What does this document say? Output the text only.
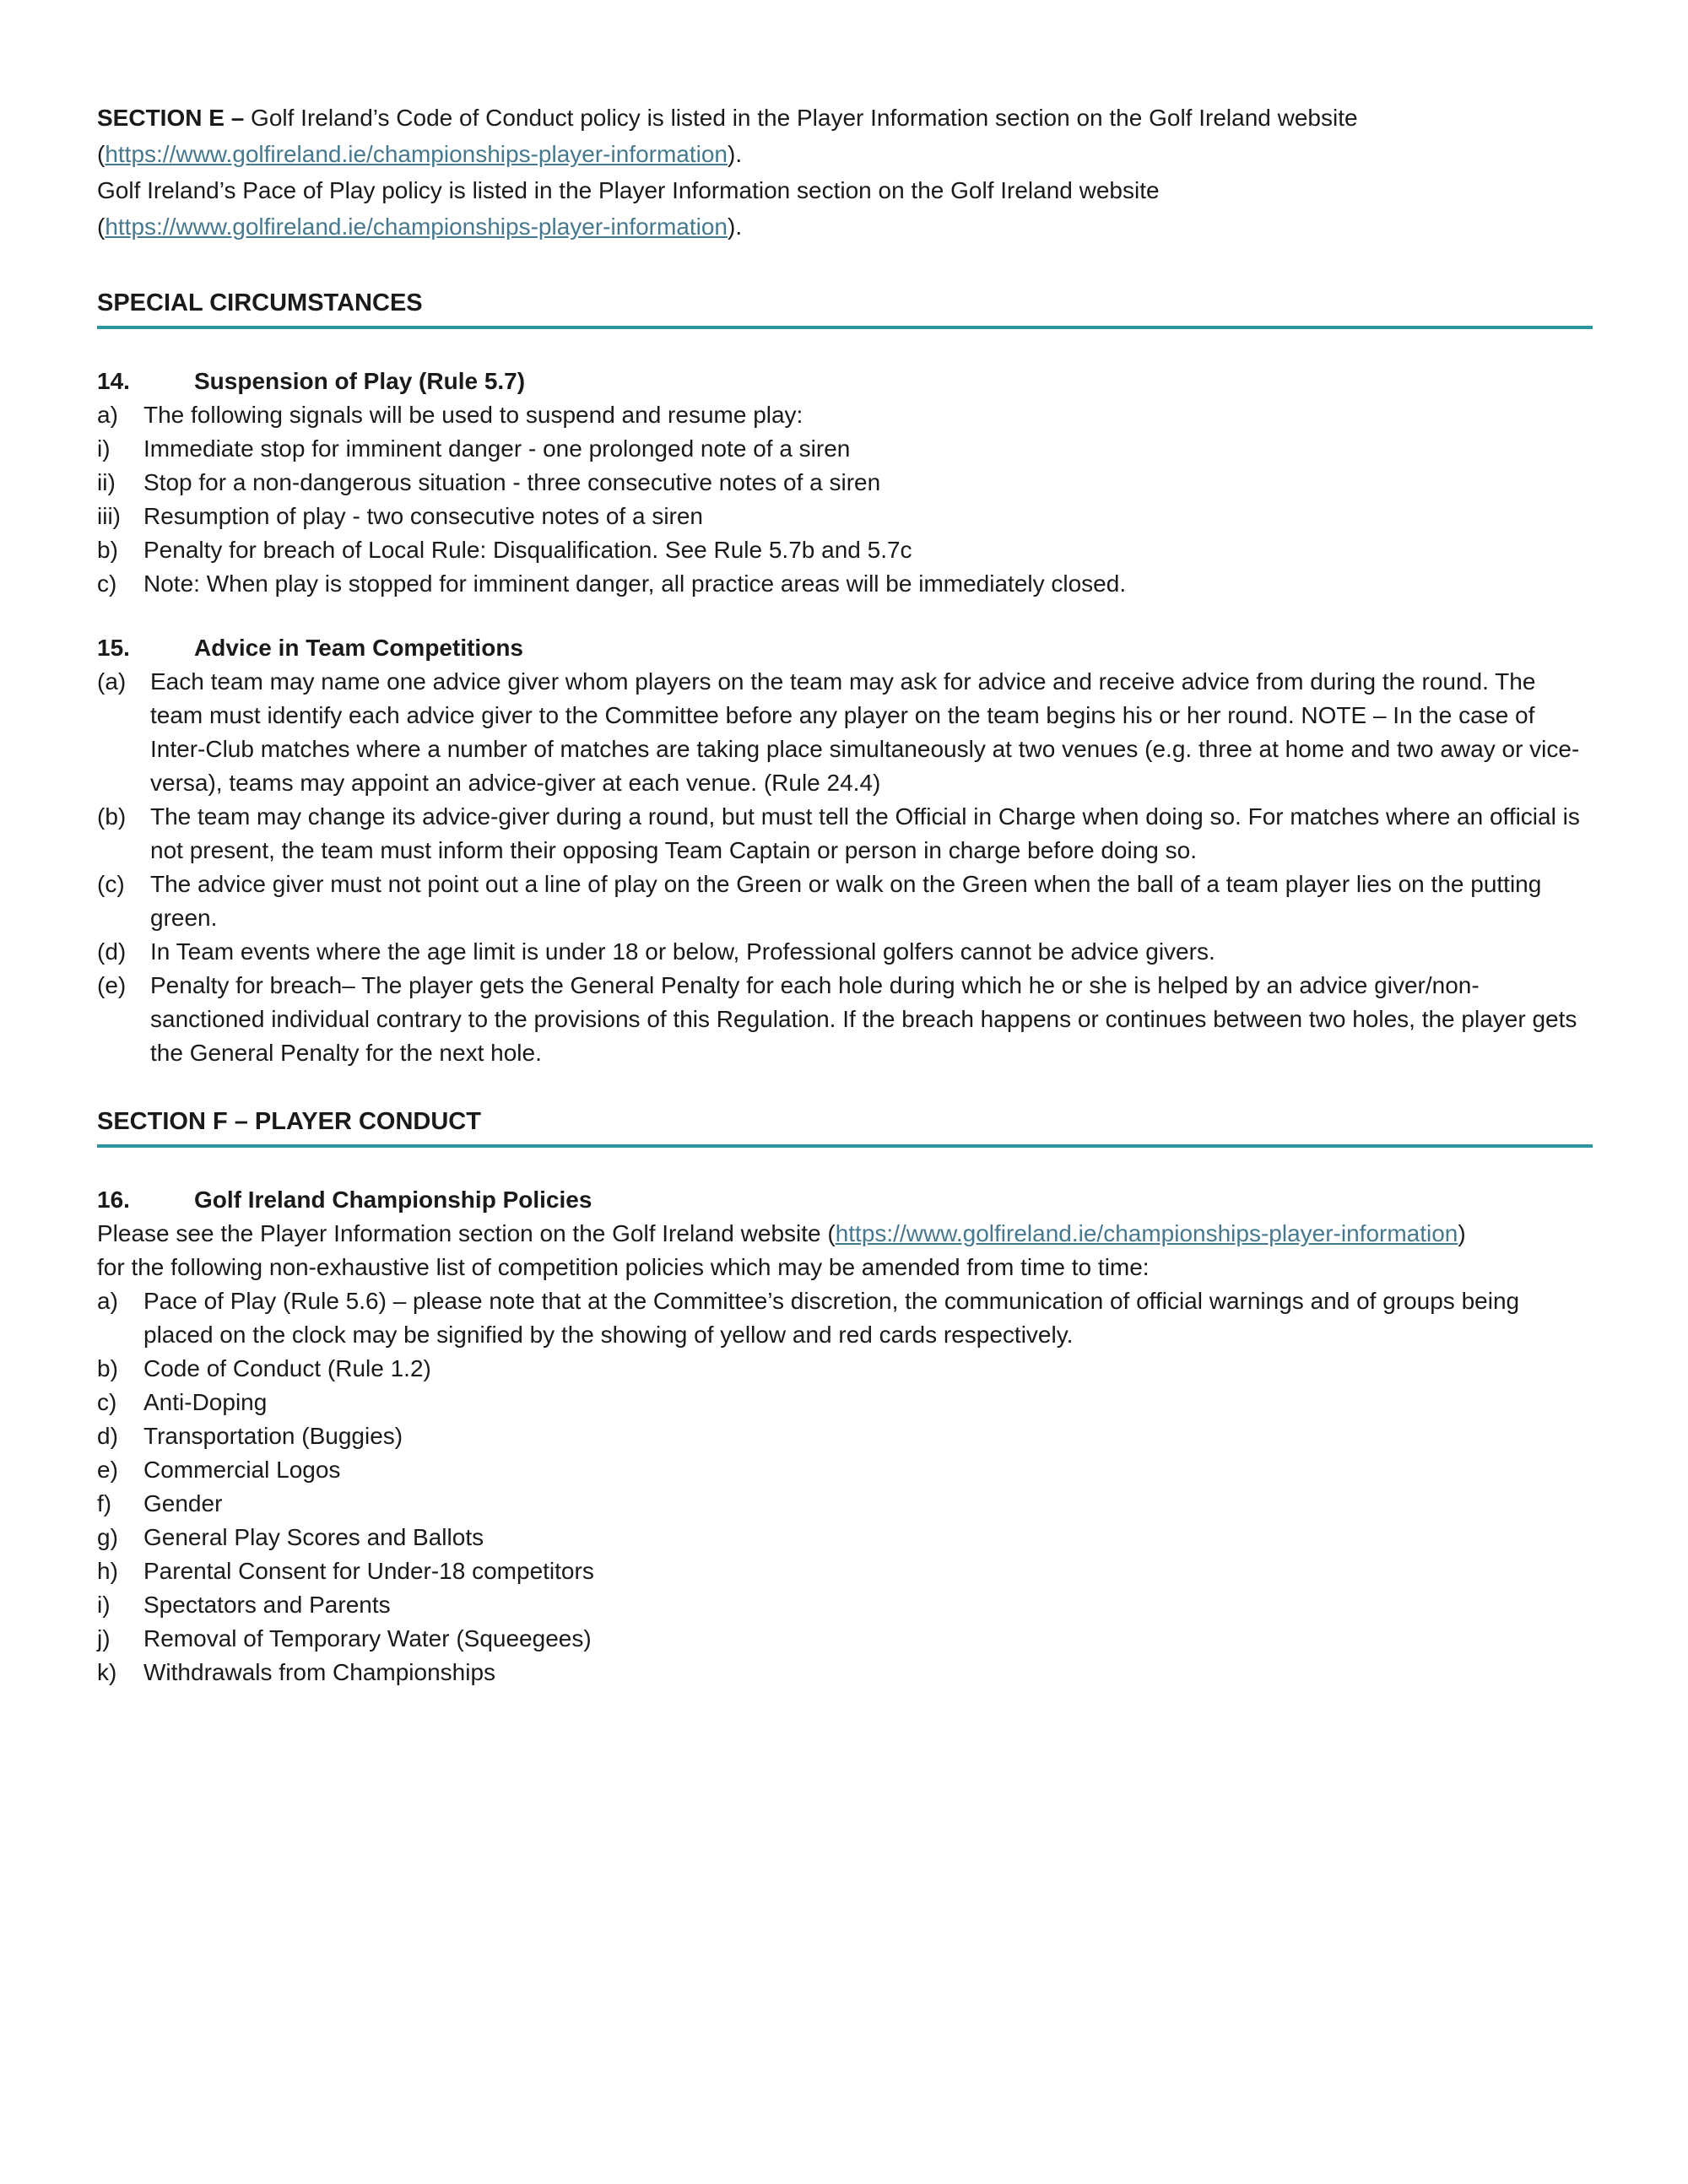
SECTION E – Golf Ireland’s Code of Conduct policy is listed in the Player Information section on the Golf Ireland website
(https://www.golfireland.ie/championships-player-information).
Golf Ireland’s Pace of Play policy is listed in the Player Information section on the Golf Ireland website
(https://www.golfireland.ie/championships-player-information).

SPECIAL CIRCUMSTANCES
14.	Suspension of Play (Rule 5.7)
a)	The following signals will be used to suspend and resume play:
i)	Immediate stop for imminent danger - one prolonged note of a siren
ii)	Stop for a non-dangerous situation - three consecutive notes of a siren
iii) Resumption of play - two consecutive notes of a siren
b)	Penalty for breach of Local Rule: Disqualification. See Rule 5.7b and 5.7c
c)	Note: When play is stopped for imminent danger, all practice areas will be immediately closed.
15.	Advice in Team Competitions
(a)	Each team may name one advice giver whom players on the team may ask for advice and receive advice from during the round. The team must identify each advice giver to the Committee before any player on the team begins his or her round. NOTE – In the case of Inter-Club matches where a number of matches are taking place simultaneously at two venues (e.g. three at home and two away or vice-versa), teams may appoint an advice-giver at each venue. (Rule 24.4)
(b)	The team may change its advice-giver during a round, but must tell the Official in Charge when doing so. For matches where an official is not present, the team must inform their opposing Team Captain or person in charge before doing so.
(c)	The advice giver must not point out a line of play on the Green or walk on the Green when the ball of a team player lies on the putting green.
(d)	In Team events where the age limit is under 18 or below, Professional golfers cannot be advice givers.
(e)	Penalty for breach– The player gets the General Penalty for each hole during which he or she is helped by an advice giver/non-sanctioned individual contrary to the provisions of this Regulation. If the breach happens or continues between two holes, the player gets the General Penalty for the next hole.
SECTION F – PLAYER CONDUCT
16.	Golf Ireland Championship Policies

Please see the Player Information section on the Golf Ireland website (https://www.golfireland.ie/championships-player-information)
for the following non-exhaustive list of competition policies which may be amended from time to time:

a)	Pace of Play (Rule 5.6) – please note that at the Committee’s discretion, the communication of official warnings and of groups being placed on the clock may be signified by the showing of yellow and red cards respectively.
b)	Code of Conduct (Rule 1.2)
c)	Anti-Doping
d)	Transportation (Buggies)
e)	Commercial Logos
f)	Gender
g)	General Play Scores and Ballots
h)	Parental Consent for Under-18 competitors
i)	Spectators and Parents
j)	Removal of Temporary Water (Squeegees)
k)	Withdrawals from Championships
